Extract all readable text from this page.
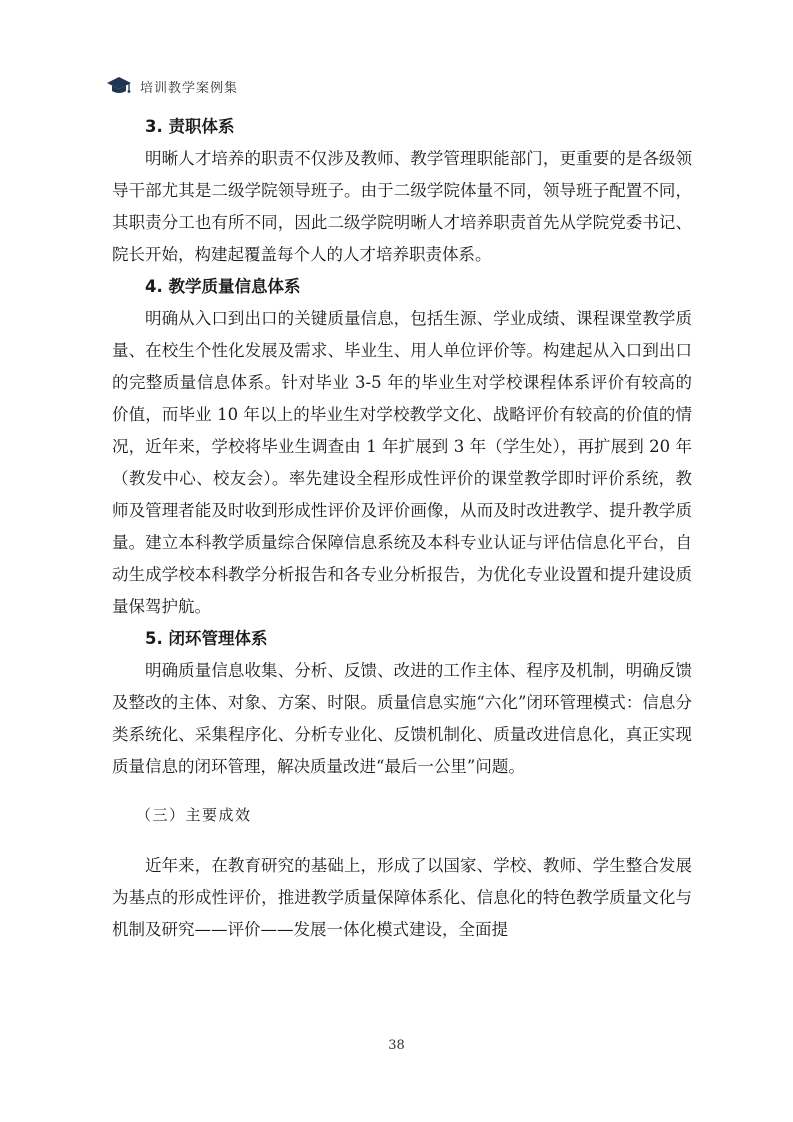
培训教学案例集
3. 责职体系
明晰人才培养的职责不仅涉及教师、教学管理职能部门，更重要的是各级领导干部尤其是二级学院领导班子。由于二级学院体量不同，领导班子配置不同，其职责分工也有所不同，因此二级学院明晰人才培养职责首先从学院党委书记、院长开始，构建起覆盖每个人的人才培养职责体系。
4. 教学质量信息体系
明确从入口到出口的关键质量信息，包括生源、学业成绩、课程课堂教学质量、在校生个性化发展及需求、毕业生、用人单位评价等。构建起从入口到出口的完整质量信息体系。针对毕业 3-5 年的毕业生对学校课程体系评价有较高的价值，而毕业 10 年以上的毕业生对学校教学文化、战略评价有较高的价值的情况，近年来，学校将毕业生调查由 1 年扩展到 3 年（学生处），再扩展到 20 年（教发中心、校友会）。率先建设全程形成性评价的课堂教学即时评价系统，教师及管理者能及时收到形成性评价及评价画像，从而及时改进教学、提升教学质量。建立本科教学质量综合保障信息系统及本科专业认证与评估信息化平台，自动生成学校本科教学分析报告和各专业分析报告，为优化专业设置和提升建设质量保驾护航。
5. 闭环管理体系
明确质量信息收集、分析、反馈、改进的工作主体、程序及机制，明确反馈及整改的主体、对象、方案、时限。质量信息实施“六化”闭环管理模式：信息分类系统化、采集程序化、分析专业化、反馈机制化、质量改进信息化，真正实现质量信息的闭环管理，解决质量改进“最后一公里”问题。
（三）主要成效
近年来，在教育研究的基础上，形成了以国家、学校、教师、学生整合发展为基点的形成性评价，推进教学质量保障体系化、信息化的特色教学质量文化与机制及研究——评价——发展一体化模式建设，全面提
38
